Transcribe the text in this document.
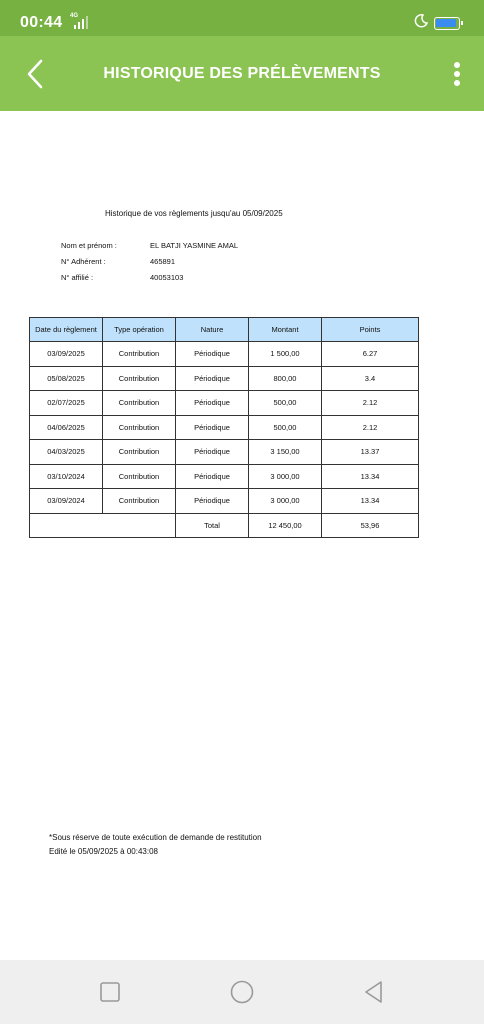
00:44 4G
HISTORIQUE DES PRÉLÈVEMENTS
Historique de vos règlements jusqu'au 05/09/2025
Nom et prénom :	EL BATJI YASMINE AMAL
N° Adhérent :	465891
N° affilié :	40053103
Date du règlement	Type opération	Nature	Montant	Points
03/09/2025	Contribution	Périodique	1 500,00	6.27
05/08/2025	Contribution	Périodique	800,00	3.4
02/07/2025	Contribution	Périodique	500,00	2.12
04/06/2025	Contribution	Périodique	500,00	2.12
04/03/2025	Contribution	Périodique	3 150,00	13.37
03/10/2024	Contribution	Périodique	3 000,00	13.34
03/09/2024	Contribution	Périodique	3 000,00	13.34
		Total	12 450,00	53,96
*Sous réserve de toute exécution de demande de restitution
Edité le 05/09/2025 à 00:43:08
